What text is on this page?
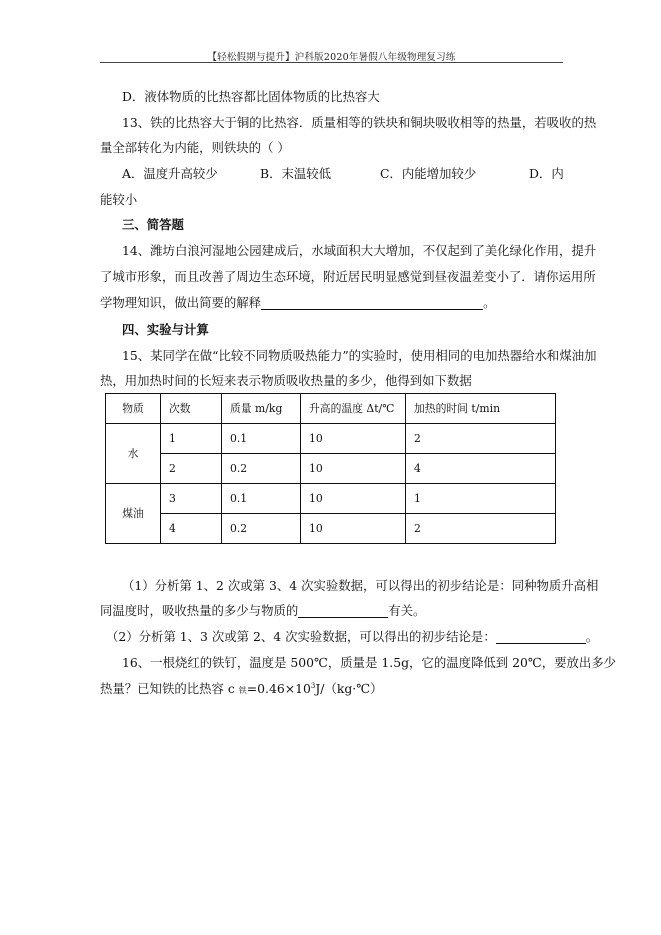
【轻松假期与提升】沪科版2020年暑假八年级物理复习练
D．液体物质的比热容都比固体物质的比热容大
13、铁的比热容大于铜的比热容．质量相等的铁块和铜块吸收相等的热量，若吸收的热
量全部转化为内能，则铁块的（ ）
A．温度升高较少	B．末温较低	C．内能增加较少	D．内
能较小
三、简答题
14、潍坊白浪河湿地公园建成后，水域面积大大增加，不仅起到了美化绿化作用，提升
了城市形象，而且改善了周边生态环境，附近居民明显感觉到昼夜温差变小了．请你运用所
学物理知识，做出简要的解释	。
四、实验与计算
15、某同学在做“比较不同物质吸热能力”的实验时，使用相同的电加热器给水和煤油加
热，用加热时间的长短来表示物质吸收热量的多少，他得到如下数据
物质	次数	质量 m/kg	升高的温度 Δt/℃	加热的时间 t/min
水	1	0.1	10	2
	2	0.2	10	4
煤油	3	0.1	10	1
	4	0.2	10	2
（1）分析第 1、2 次或第 3、4 次实验数据，可以得出的初步结论是：同种物质升高相
同温度时，吸收热量的多少与物质的	有关。
（2）分析第 1、3 次或第 2、4 次实验数据，可以得出的初步结论是：	。
16、一根烧红的铁钉，温度是 500℃，质量是 1.5g，它的温度降低到 20℃，要放出多少
热量？已知铁的比热容 c 铁$=0.46\times 10^3J/(kg\cdot℃)$
